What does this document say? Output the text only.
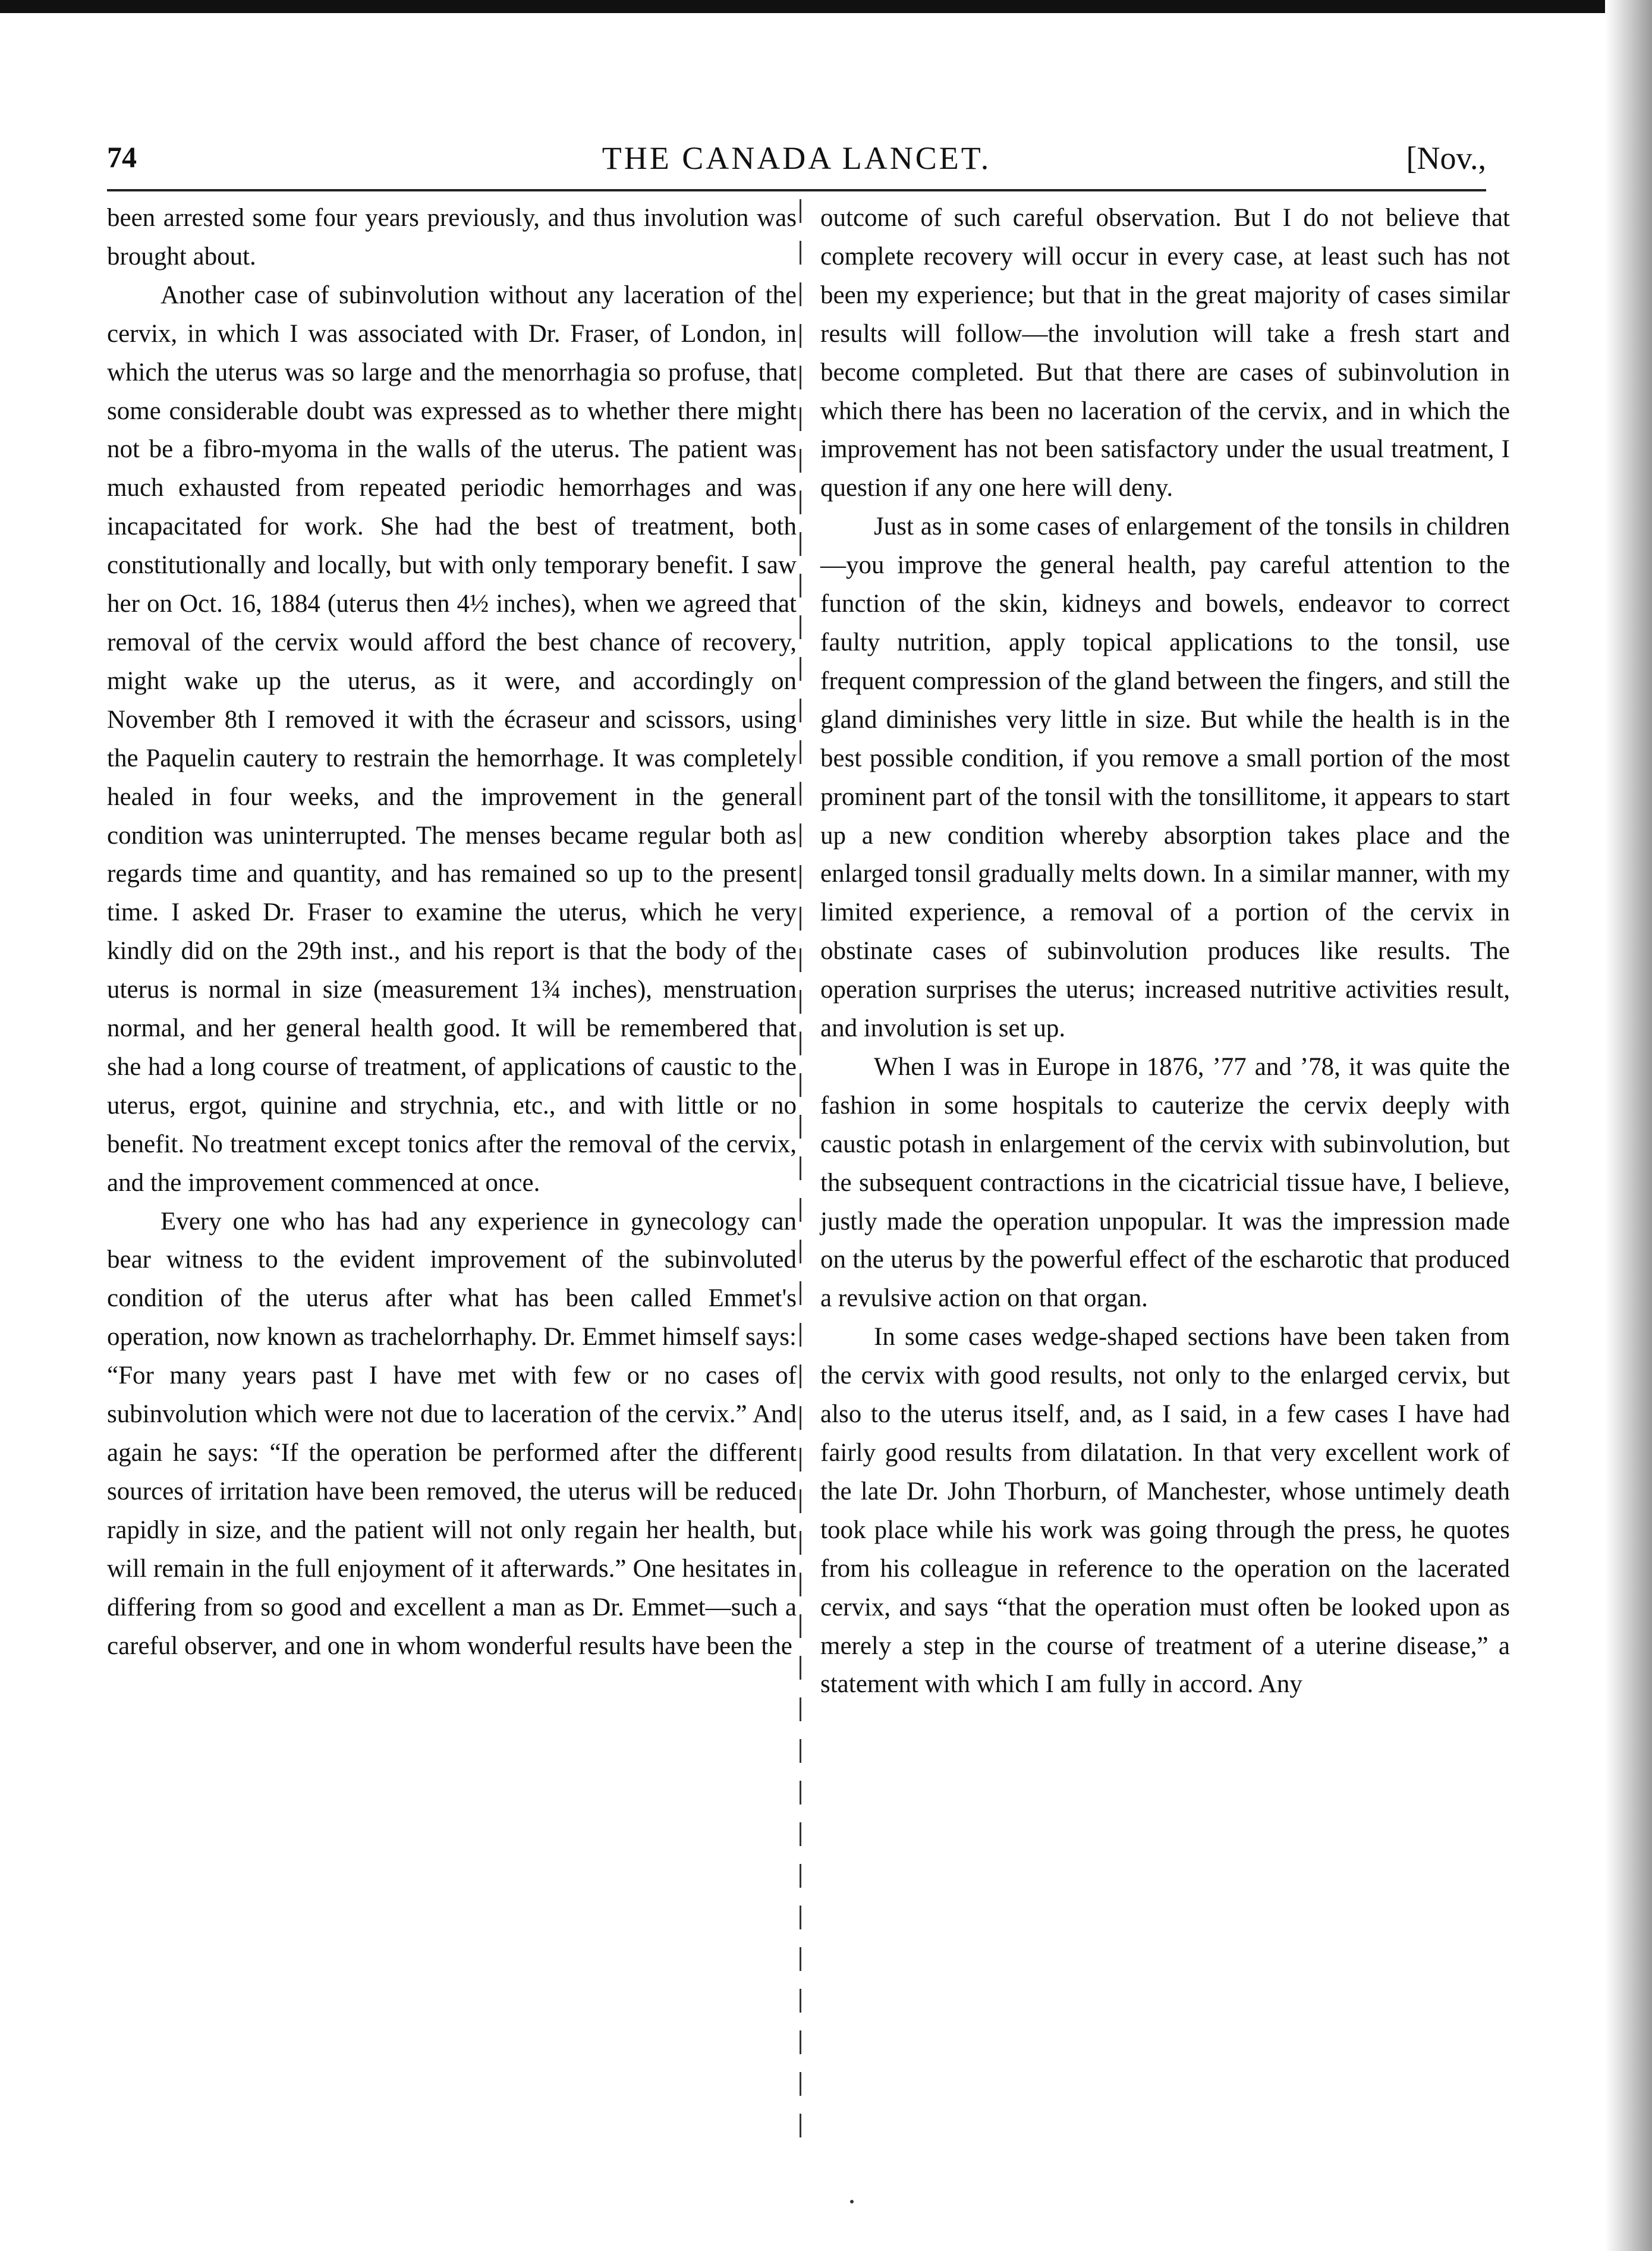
74	THE CANADA LANCET.	[Nov.,

been arrested some four years previously, and thus involution was brought about.

Another case of subinvolution without any laceration of the cervix, in which I was associated with Dr. Fraser, of London, in which the uterus was so large and the menorrhagia so profuse, that some considerable doubt was expressed as to whether there might not be a fibro-myoma in the walls of the uterus. The patient was much exhausted from repeated periodic hemorrhages and was incapacitated for work. She had the best of treatment, both constitutionally and locally, but with only temporary benefit. I saw her on Oct. 16, 1884 (uterus then 4½ inches), when we agreed that removal of the cervix would afford the best chance of recovery, might wake up the uterus, as it were, and accordingly on November 8th I removed it with the écraseur and scissors, using the Paquelin cautery to restrain the hemorrhage. It was completely healed in four weeks, and the improvement in the general condition was uninterrupted. The menses became regular both as regards time and quantity, and has remained so up to the present time. I asked Dr. Fraser to examine the uterus, which he very kindly did on the 29th inst., and his report is that the body of the uterus is normal in size (measurement 1¾ inches), menstruation normal, and her general health good. It will be remembered that she had a long course of treatment, of applications of caustic to the uterus, ergot, quinine and strychnia, etc., and with little or no benefit. No treatment except tonics after the removal of the cervix, and the improvement commenced at once.

Every one who has had any experience in gynecology can bear witness to the evident improvement of the subinvoluted condition of the uterus after what has been called Emmet's operation, now known as trachelorrhaphy. Dr. Emmet himself says: “For many years past I have met with few or no cases of subinvolution which were not due to laceration of the cervix.” And again he says: “If the operation be performed after the different sources of irritation have been removed, the uterus will be reduced rapidly in size, and the patient will not only regain her health, but will remain in the full enjoyment of it afterwards.” One hesitates in differing from so good and excellent a man as Dr. Emmet—such a careful observer, and one in whom wonderful results have been the

outcome of such careful observation. But I do not believe that complete recovery will occur in every case, at least such has not been my experience; but that in the great majority of cases similar results will follow—the involution will take a fresh start and become completed. But that there are cases of subinvolution in which there has been no laceration of the cervix, and in which the improvement has not been satisfactory under the usual treatment, I question if any one here will deny.

Just as in some cases of enlargement of the tonsils in children—you improve the general health, pay careful attention to the function of the skin, kidneys and bowels, endeavor to correct faulty nutrition, apply topical applications to the tonsil, use frequent compression of the gland between the fingers, and still the gland diminishes very little in size. But while the health is in the best possible condition, if you remove a small portion of the most prominent part of the tonsil with the tonsillitome, it appears to start up a new condition whereby absorption takes place and the enlarged tonsil gradually melts down. In a similar manner, with my limited experience, a removal of a portion of the cervix in obstinate cases of subinvolution produces like results. The operation surprises the uterus; increased nutritive activities result, and involution is set up.

When I was in Europe in 1876, ’77 and ’78, it was quite the fashion in some hospitals to cauterize the cervix deeply with caustic potash in enlargement of the cervix with subinvolution, but the subsequent contractions in the cicatricial tissue have, I believe, justly made the operation unpopular. It was the impression made on the uterus by the powerful effect of the escharotic that produced a revulsive action on that organ.

In some cases wedge-shaped sections have been taken from the cervix with good results, not only to the enlarged cervix, but also to the uterus itself, and, as I said, in a few cases I have had fairly good results from dilatation. In that very excellent work of the late Dr. John Thorburn, of Manchester, whose untimely death took place while his work was going through the press, he quotes from his colleague in reference to the operation on the lacerated cervix, and says “that the operation must often be looked upon as merely a step in the course of treatment of a uterine disease,” a statement with which I am fully in accord. Any
